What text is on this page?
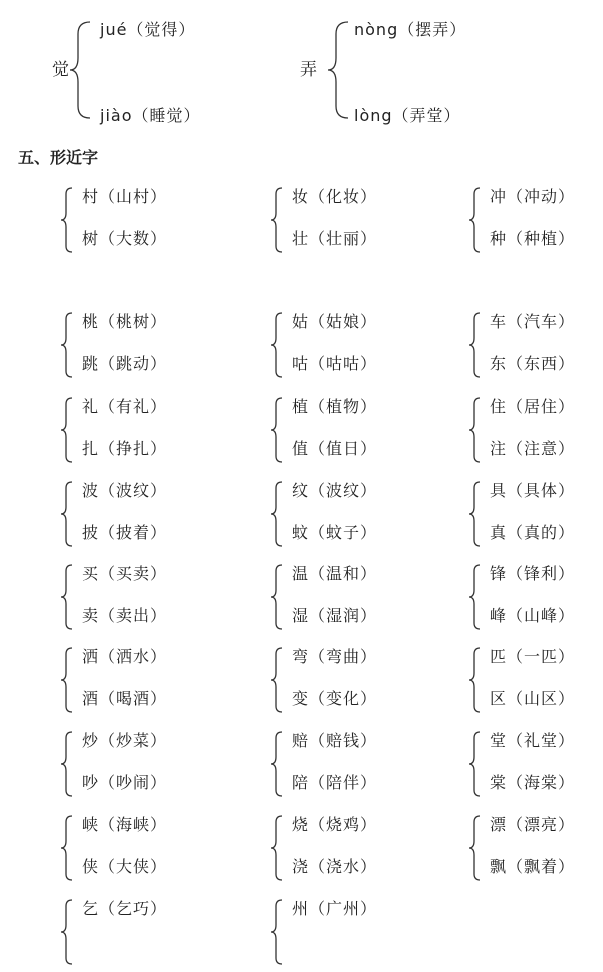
觉
jué（觉得）
jiào（睡觉）
弄
nòng（摆弄）
lòng（弄堂）
五、形近字
村（山村）
树（大数）
妆（化妆）
壮（壮丽）
冲（冲动）
种（种植）
桃（桃树）
跳（跳动）
姑（姑娘）
咕（咕咕）
车（汽车）
东（东西）
礼（有礼）
扎（挣扎）
植（植物）
值（值日）
住（居住）
注（注意）
波（波纹）
披（披着）
纹（波纹）
蚊（蚊子）
具（具体）
真（真的）
买（买卖）
卖（卖出）
温（温和）
湿（湿润）
锋（锋利）
峰（山峰）
洒（洒水）
酒（喝酒）
弯（弯曲）
变（变化）
匹（一匹）
区（山区）
炒（炒菜）
吵（吵闹）
赔（赔钱）
陪（陪伴）
堂（礼堂）
棠（海棠）
峡（海峡）
侠（大侠）
烧（烧鸡）
浇（浇水）
漂（漂亮）
飘（飘着）
乞（乞巧）	州（广州）
